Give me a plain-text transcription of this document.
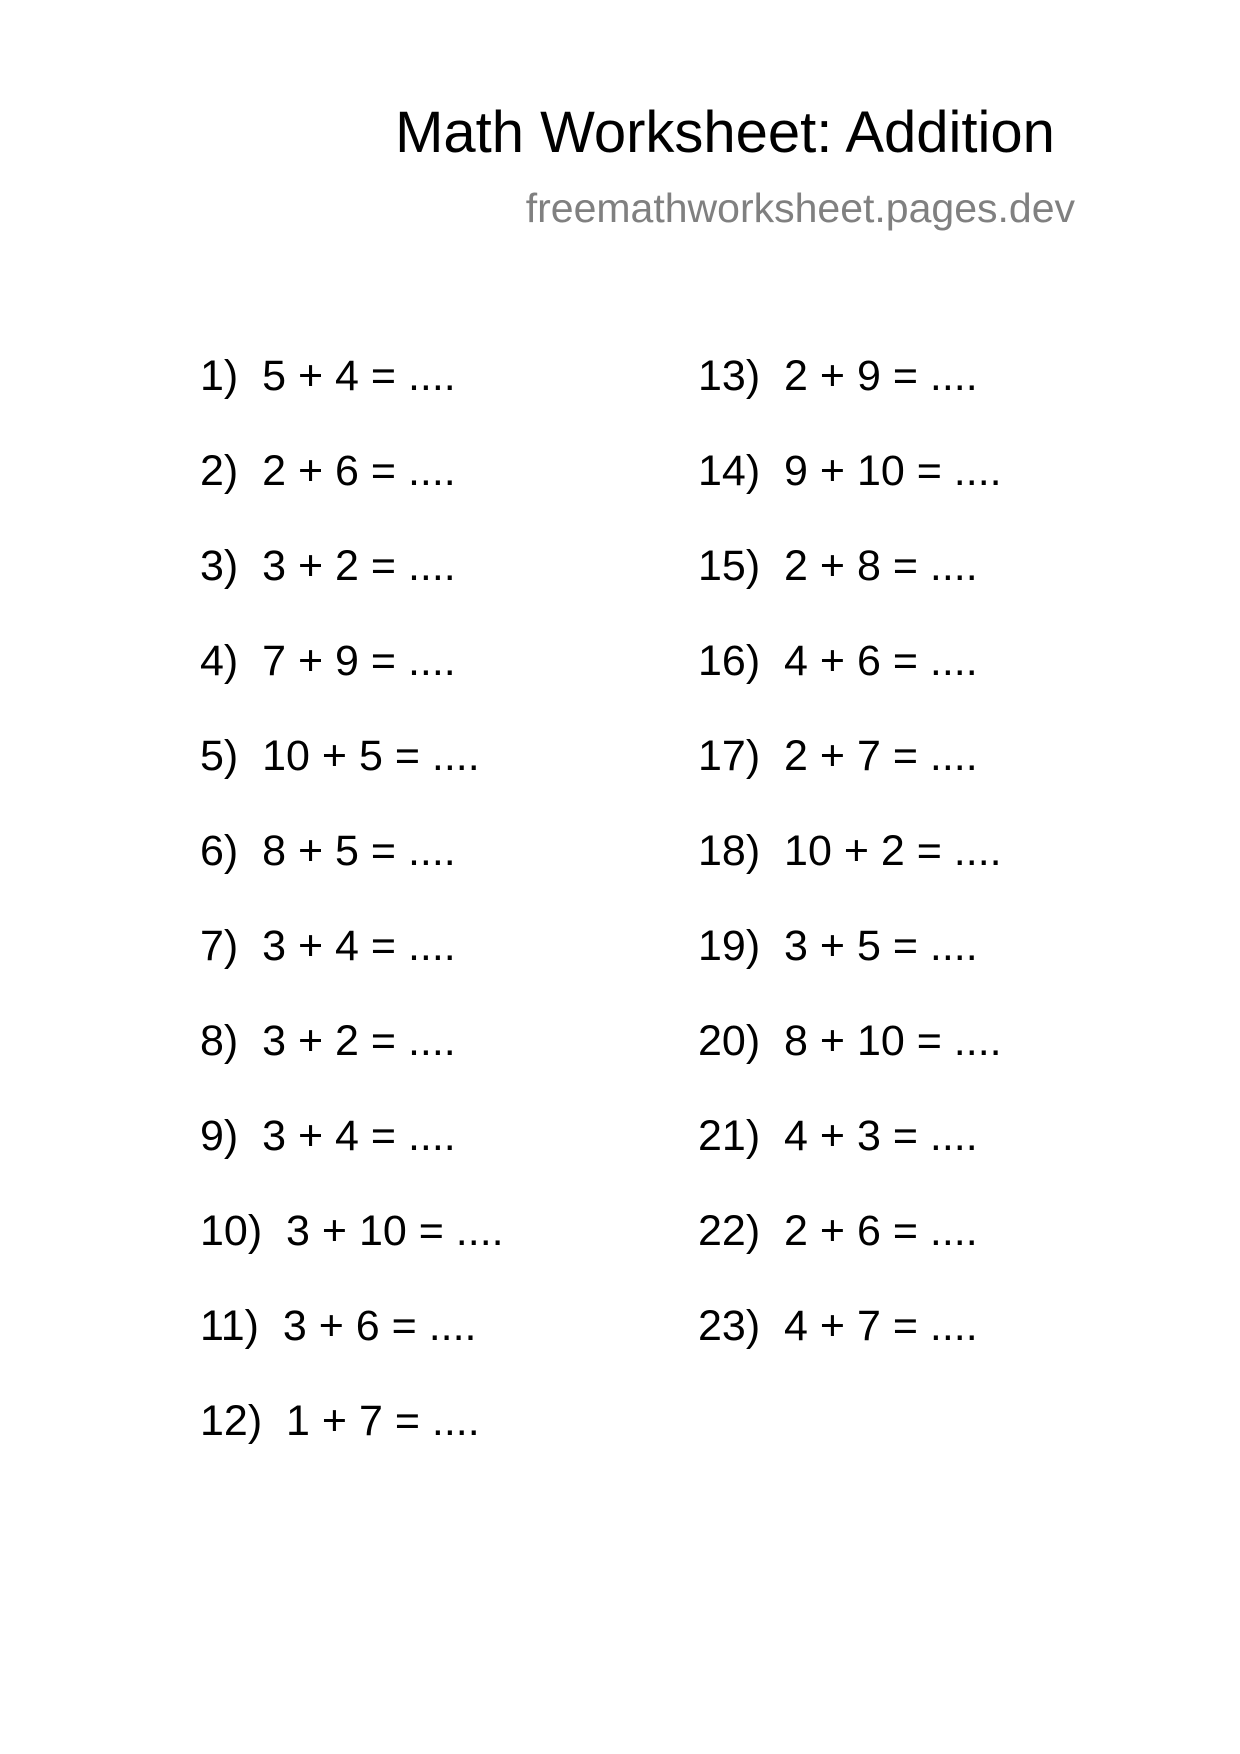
Math Worksheet: Addition
freemathworksheet.pages.dev
1)  5 + 4 = ....
2)  2 + 6 = ....
3)  3 + 2 = ....
4)  7 + 9 = ....
5)  10 + 5 = ....
6)  8 + 5 = ....
7)  3 + 4 = ....
8)  3 + 2 = ....
9)  3 + 4 = ....
10)  3 + 10 = ....
11)  3 + 6 = ....
12)  1 + 7 = ....
13)  2 + 9 = ....
14)  9 + 10 = ....
15)  2 + 8 = ....
16)  4 + 6 = ....
17)  2 + 7 = ....
18)  10 + 2 = ....
19)  3 + 5 = ....
20)  8 + 10 = ....
21)  4 + 3 = ....
22)  2 + 6 = ....
23)  4 + 7 = ....
